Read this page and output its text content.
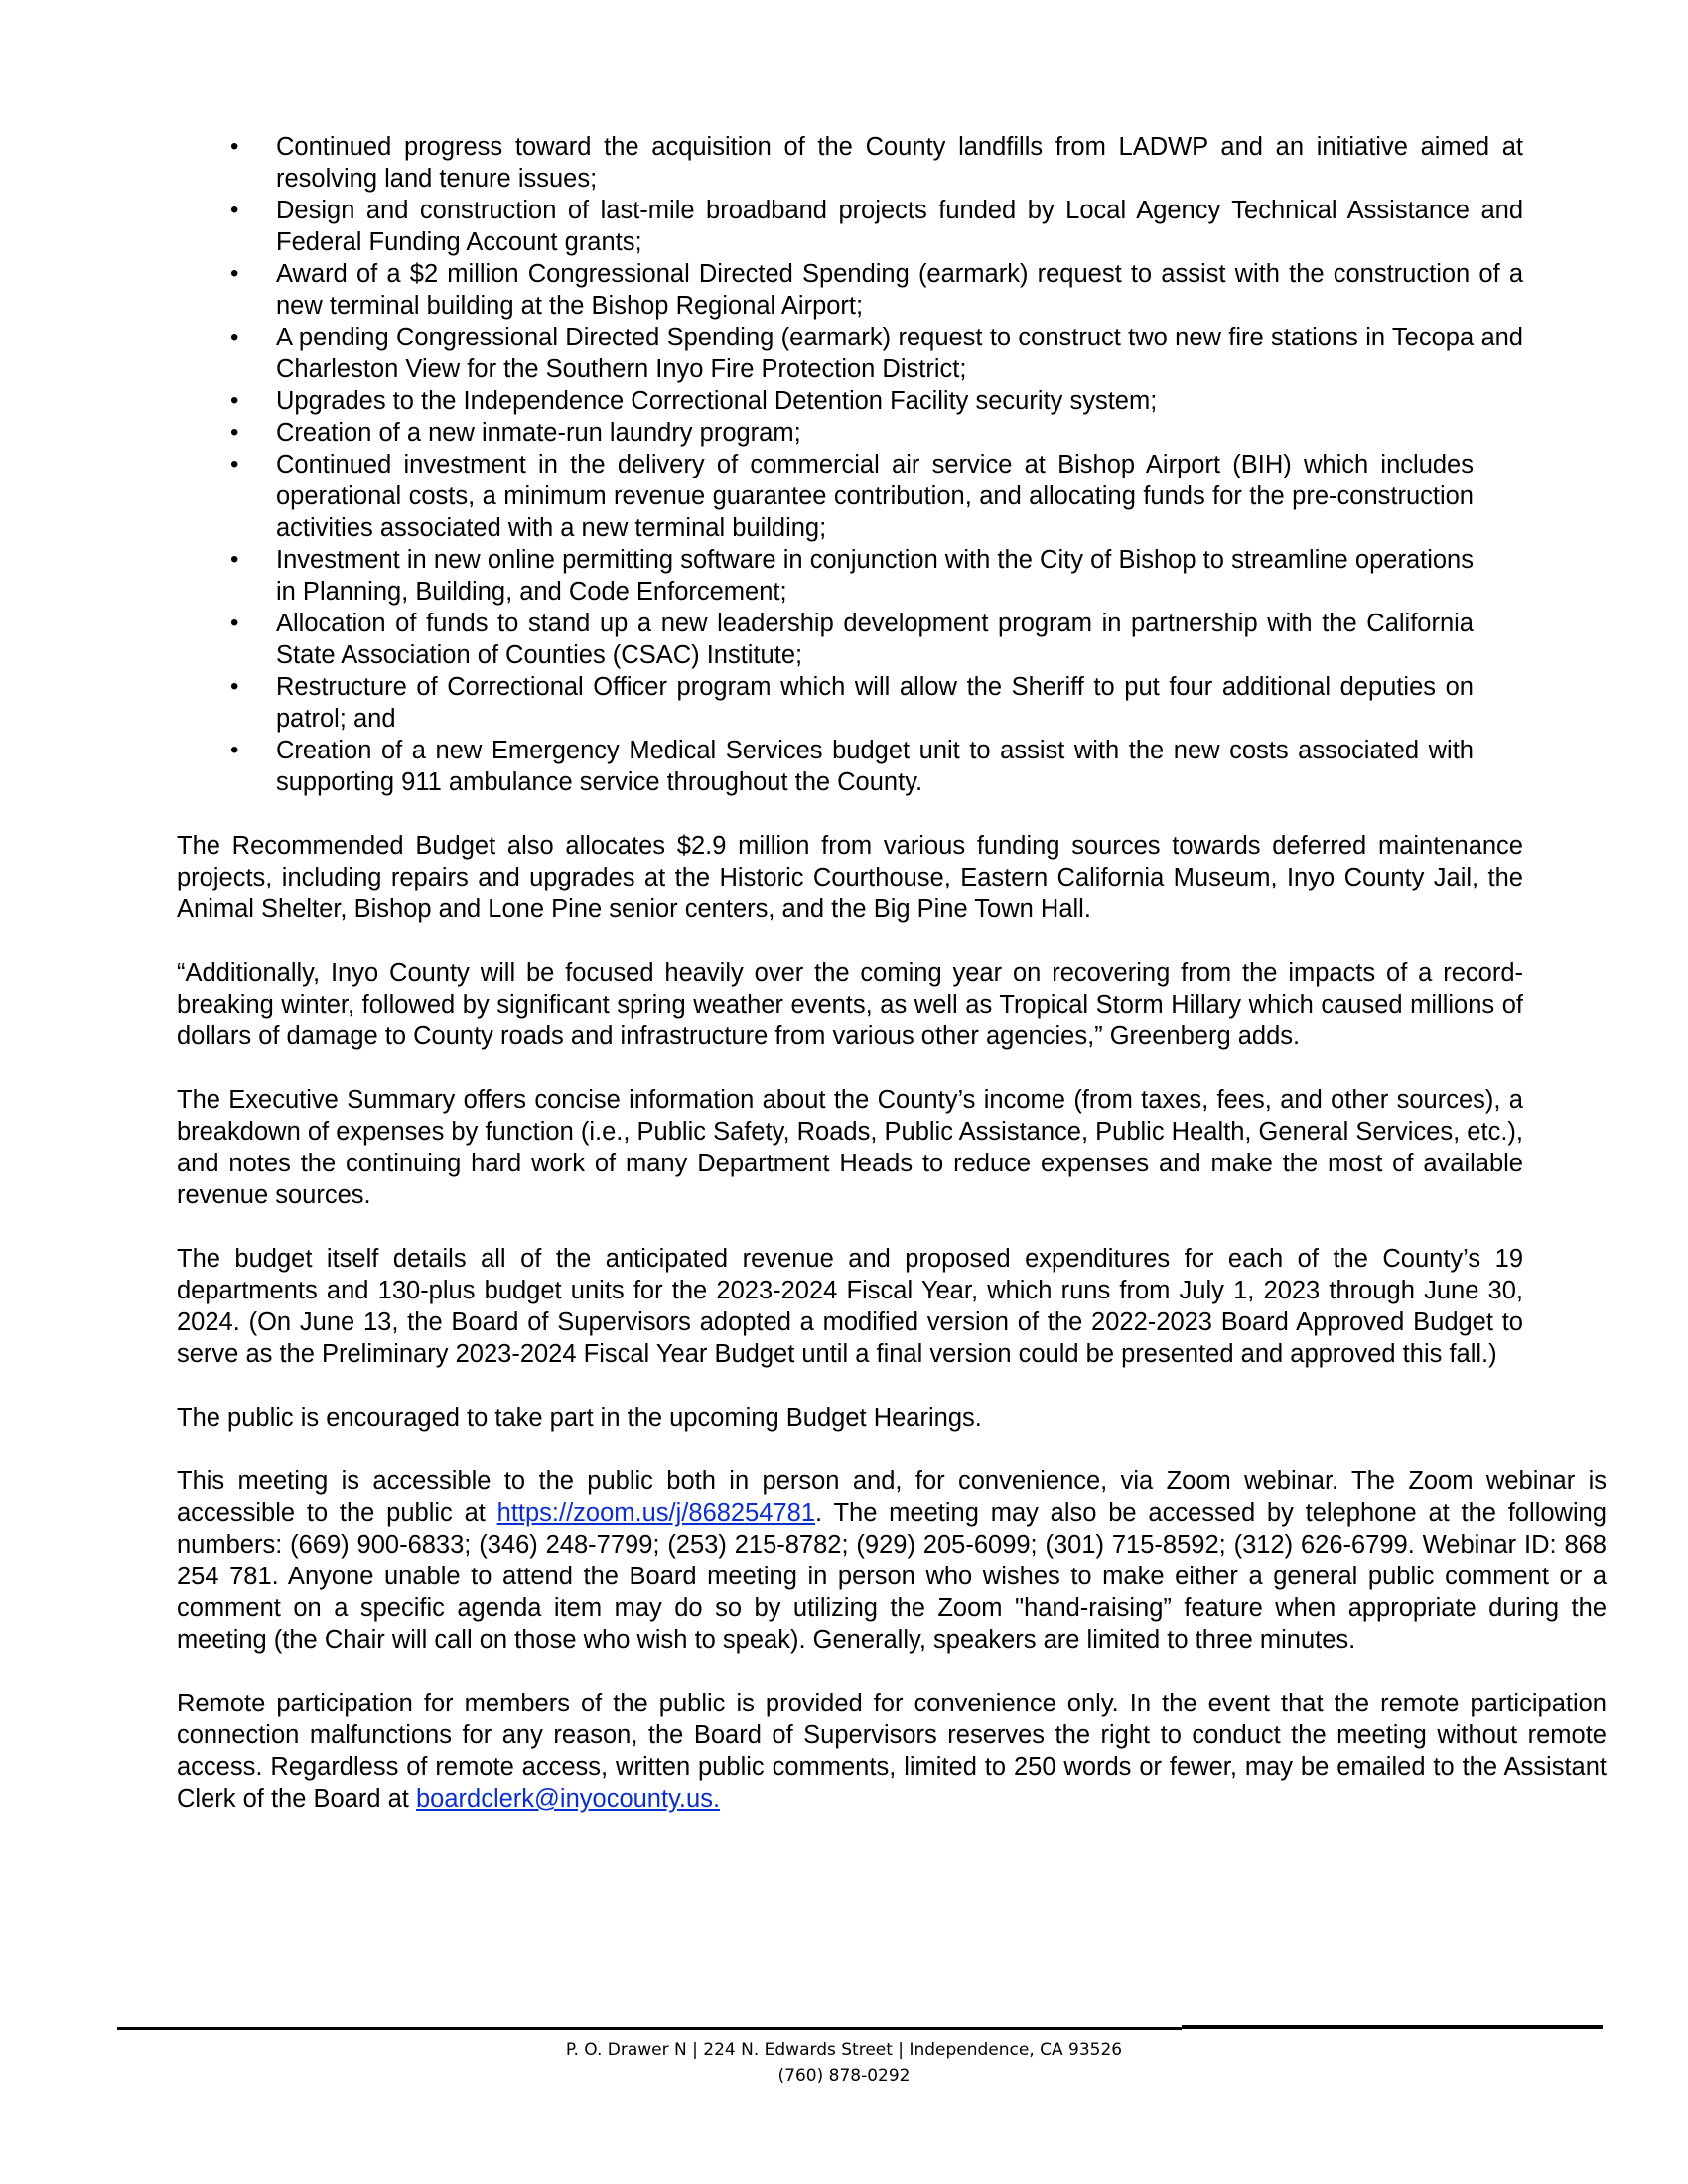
• Continued progress toward the acquisition of the County landfills from LADWP and an initiative aimed at resolving land tenure issues;
• Design and construction of last-mile broadband projects funded by Local Agency Technical Assistance and Federal Funding Account grants;
• Award of a $2 million Congressional Directed Spending (earmark) request to assist with the construction of a new terminal building at the Bishop Regional Airport;
• A pending Congressional Directed Spending (earmark) request to construct two new fire stations in Tecopa and Charleston View for the Southern Inyo Fire Protection District;
• Upgrades to the Independence Correctional Detention Facility security system;
• Creation of a new inmate-run laundry program;
• Continued investment in the delivery of commercial air service at Bishop Airport (BIH) which includes operational costs, a minimum revenue guarantee contribution, and allocating funds for the pre-construction activities associated with a new terminal building;
• Investment in new online permitting software in conjunction with the City of Bishop to streamline operations in Planning, Building, and Code Enforcement;
• Allocation of funds to stand up a new leadership development program in partnership with the California State Association of Counties (CSAC) Institute;
• Restructure of Correctional Officer program which will allow the Sheriff to put four additional deputies on patrol; and
• Creation of a new Emergency Medical Services budget unit to assist with the new costs associated with supporting 911 ambulance service throughout the County.

The Recommended Budget also allocates $2.9 million from various funding sources towards deferred maintenance projects, including repairs and upgrades at the Historic Courthouse, Eastern California Museum, Inyo County Jail, the Animal Shelter, Bishop and Lone Pine senior centers, and the Big Pine Town Hall.

“Additionally, Inyo County will be focused heavily over the coming year on recovering from the impacts of a record-breaking winter, followed by significant spring weather events, as well as Tropical Storm Hillary which caused millions of dollars of damage to County roads and infrastructure from various other agencies,” Greenberg adds.

The Executive Summary offers concise information about the County’s income (from taxes, fees, and other sources), a breakdown of expenses by function (i.e., Public Safety, Roads, Public Assistance, Public Health, General Services, etc.), and notes the continuing hard work of many Department Heads to reduce expenses and make the most of available revenue sources.

The budget itself details all of the anticipated revenue and proposed expenditures for each of the County’s 19 departments and 130-plus budget units for the 2023-2024 Fiscal Year, which runs from July 1, 2023 through June 30, 2024. (On June 13, the Board of Supervisors adopted a modified version of the 2022-2023 Board Approved Budget to serve as the Preliminary 2023-2024 Fiscal Year Budget until a final version could be presented and approved this fall.)

The public is encouraged to take part in the upcoming Budget Hearings.

This meeting is accessible to the public both in person and, for convenience, via Zoom webinar. The Zoom webinar is accessible to the public at https://zoom.us/j/868254781. The meeting may also be accessed by telephone at the following numbers: (669) 900-6833; (346) 248-7799; (253) 215-8782; (929) 205-6099; (301) 715-8592; (312) 626-6799. Webinar ID: 868 254 781. Anyone unable to attend the Board meeting in person who wishes to make either a general public comment or a comment on a specific agenda item may do so by utilizing the Zoom "hand-raising” feature when appropriate during the meeting (the Chair will call on those who wish to speak). Generally, speakers are limited to three minutes.

Remote participation for members of the public is provided for convenience only. In the event that the remote participation connection malfunctions for any reason, the Board of Supervisors reserves the right to conduct the meeting without remote access. Regardless of remote access, written public comments, limited to 250 words or fewer, may be emailed to the Assistant Clerk of the Board at boardclerk@inyocounty.us.

P. O. Drawer N | 224 N. Edwards Street | Independence, CA 93526
(760) 878-0292
